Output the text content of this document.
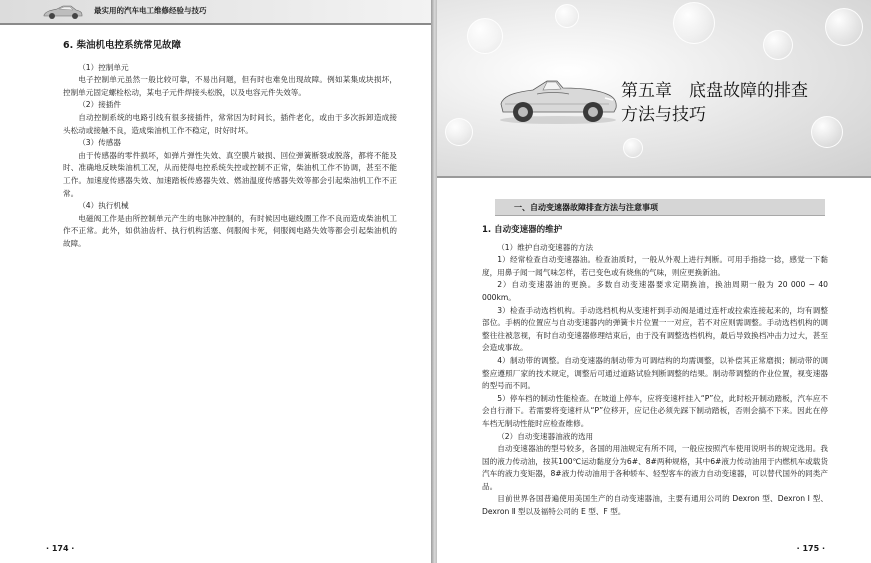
最实用的汽车电工维修经验与技巧
6. 柴油机电控系统常见故障

（1）控制单元

电子控制单元虽然一般比较可靠，不易出问题，但有时也难免出现故障。例如某集成块损坏，控制单元固定螺栓松动，某电子元件焊接头松脱，以及电容元件失效等。

（2）接插件

自动控制系统的电路引线有很多接插件，常常因为时间长，插件老化，或由于多次拆卸造成接头松动或接触不良，造成柴油机工作不稳定，时好时坏。

（3）传感器

由于传感器的零件损坏，如弹片弹性失效、真空膜片破损、回位弹簧断裂或脱落，都将不能及时、准确地反映柴油机工况，从而使得电控系统失控或控制不正常，柴油机工作不协调，甚至不能工作。加速度传感器失效、加速踏板传感器失效、燃油温度传感器失效等都会引起柴油机工作不正常。

（4）执行机械

电磁阀工作是由所控制单元产生的电脉冲控制的，有时候因电磁线圈工作不良而造成柴油机工作不正常。此外，如供油齿杆、执行机构活塞、伺服阀卡死，伺服阀电路失效等都会引起柴油机的故障。

· 174 ·
第五章　底盘故障的排查
方法与技巧
一、自动变速器故障排查方法与注意事项
1. 自动变速器的维护

（1）维护自动变速器的方法

1）经常检查自动变速器油。检查油质时，一般从外观上进行判断。可用手指捻一捻，感觉一下黏度，用鼻子闻一闻气味怎样，若已变色或有烧焦的气味，则应更换新油。

2）自动变速器油的更换。多数自动变速器要求定期换油，换油周期一般为 20 000 ~ 40 000km。

3）检查手动选档机构。手动选档机构从变速杆到手动阀是通过连杆或拉索连接起来的，均有调整部位。手柄的位置应与自动变速器内的弹簧卡片位置一一对应，若不对应则需调整。手动选档机构的调整往往被忽视，有时自动变速器修理结束后，由于没有调整选档机构，最后导致换档冲击力过大，甚至会造成事故。

4）制动带的调整。自动变速器的制动带为可调结构的均需调整，以补偿其正常磨损；制动带的调整应遵照厂家的技术规定，调整后可通过道路试验判断调整的结果。制动带调整的作业位置，视变速器的型号而不同。

5）停车档的制动性能检查。在坡道上停车，应将变速杆挂入“P”位，此时松开制动踏板，汽车应不会自行滑下。若需要将变速杆从“P”位移开，应记住必须先踩下制动踏板，否则会搞不下来。因此在停车档无制动性能时应检查维修。

（2）自动变速器油液的选用

自动变速器油的型号较多，各国的用油规定有所不同，一般应按照汽车使用说明书的规定选用。我国的液力传动油，按其100℃运动黏度分为6#、8#两种规格，其中6#液力传动油用于内燃机车或载货汽车的液力变矩器，8#液力传动油用于各种轿车、轻型客车的液力自动变速器，可以替代国外的同类产品。

目前世界各国普遍使用美国生产的自动变速器油，主要有通用公司的 Dexron 型、Dexron Ⅰ 型、Dexron Ⅱ 型以及福特公司的 E 型、F 型。

· 175 ·
